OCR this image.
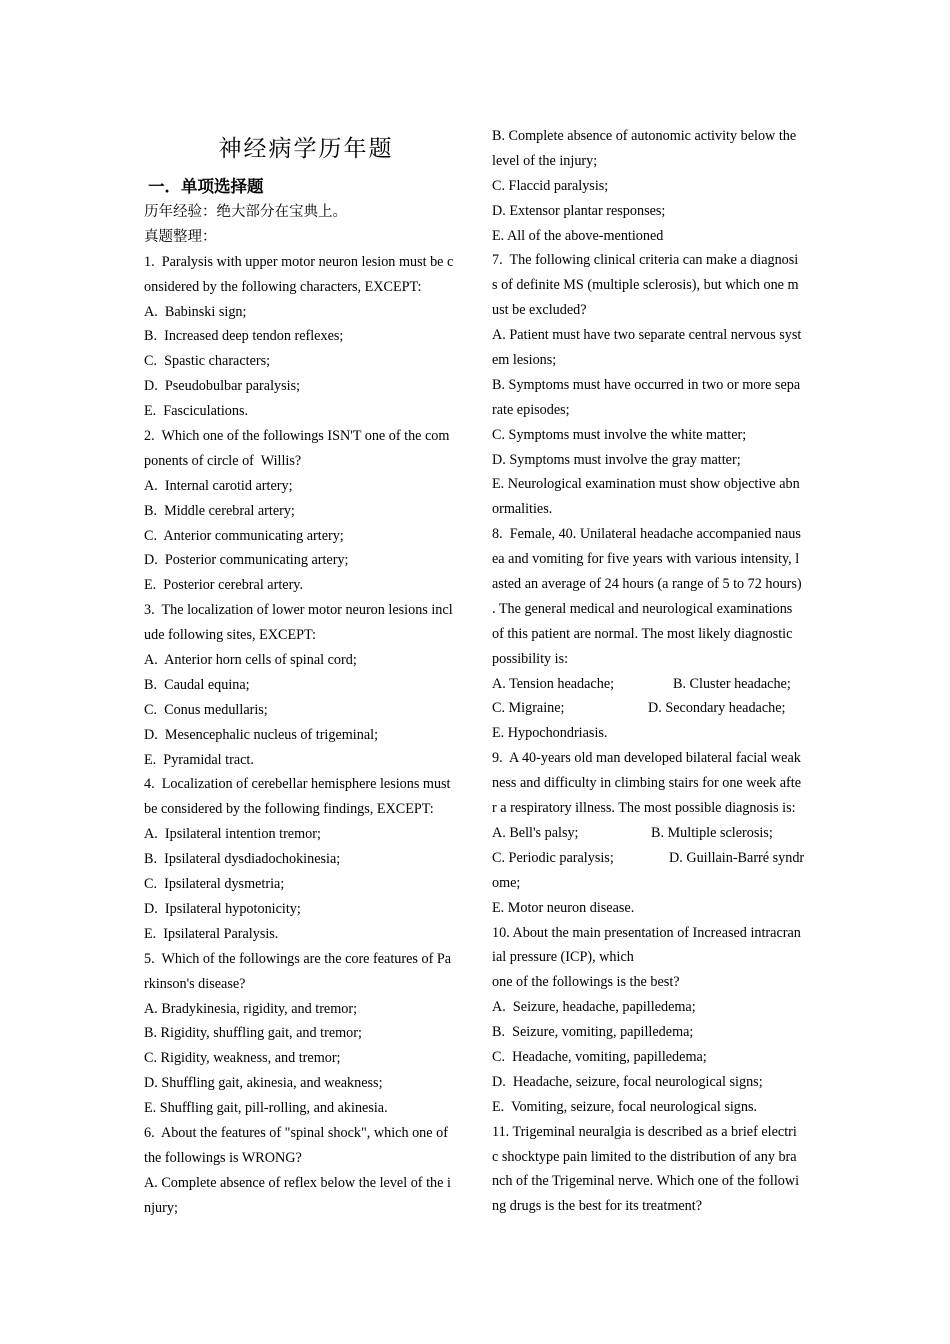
神经病学历年题
一．单项选择题
历年经验：绝大部分在宝典上。
真题整理：
1.  Paralysis with upper motor neuron lesion must be c
onsidered by the following characters, EXCEPT:
A.  Babinski sign;
B.  Increased deep tendon reflexes;
C.  Spastic characters;
D.  Pseudobulbar paralysis;
E.  Fasciculations.
2.  Which one of the followings ISN'T one of the com
ponents of circle of  Willis?
A.  Internal carotid artery;
B.  Middle cerebral artery;
C.  Anterior communicating artery;
D.  Posterior communicating artery;
E.  Posterior cerebral artery.
3.  The localization of lower motor neuron lesions incl
ude following sites, EXCEPT:
A.  Anterior horn cells of spinal cord;
B.  Caudal equina;
C.  Conus medullaris;
D.  Mesencephalic nucleus of trigeminal;
E.  Pyramidal tract.
4.  Localization of cerebellar hemisphere lesions must
be considered by the following findings, EXCEPT:
A.  Ipsilateral intention tremor;
B.  Ipsilateral dysdiadochokinesia;
C.  Ipsilateral dysmetria;
D.  Ipsilateral hypotonicity;
E.  Ipsilateral Paralysis.
5.  Which of the followings are the core features of Pa
rkinson's disease?
A. Bradykinesia, rigidity, and tremor;
B. Rigidity, shuffling gait, and tremor;
C. Rigidity, weakness, and tremor;
D. Shuffling gait, akinesia, and weakness;
E. Shuffling gait, pill-rolling, and akinesia.
6.  About the features of "spinal shock", which one of
the followings is WRONG?
A. Complete absence of reflex below the level of the i
njury;
B. Complete absence of autonomic activity below the
level of the injury;
C. Flaccid paralysis;
D. Extensor plantar responses;
E. All of the above-mentioned
7.  The following clinical criteria can make a diagnosi
s of definite MS (multiple sclerosis), but which one m
ust be excluded?
A. Patient must have two separate central nervous syst
em lesions;
B. Symptoms must have occurred in two or more sepa
rate episodes;
C. Symptoms must involve the white matter;
D. Symptoms must involve the gray matter;
E. Neurological examination must show objective abn
ormalities.
8.  Female, 40. Unilateral headache accompanied naus
ea and vomiting for five years with various intensity, l
asted an average of 24 hours (a range of 5 to 72 hours)
. The general medical and neurological examinations
of this patient are normal. The most likely diagnostic
possibility is:
A. Tension headache;	B. Cluster headache;
C. Migraine;	D. Secondary headache;
E. Hypochondriasis.
9.  A 40-years old man developed bilateral facial weak
ness and difficulty in climbing stairs for one week afte
r a respiratory illness. The most possible diagnosis is:
A. Bell's palsy;	B. Multiple sclerosis;
C. Periodic paralysis;	D. Guillain-Barré syndr
ome;
E. Motor neuron disease.
10. About the main presentation of Increased intracran
ial pressure (ICP), which
one of the followings is the best?
A.  Seizure, headache, papilledema;
B.  Seizure, vomiting, papilledema;
C.  Headache, vomiting, papilledema;
D.  Headache, seizure, focal neurological signs;
E.  Vomiting, seizure, focal neurological signs.
11. Trigeminal neuralgia is described as a brief electri
c shocktype pain limited to the distribution of any bra
nch of the Trigeminal nerve. Which one of the followi
ng drugs is the best for its treatment?
